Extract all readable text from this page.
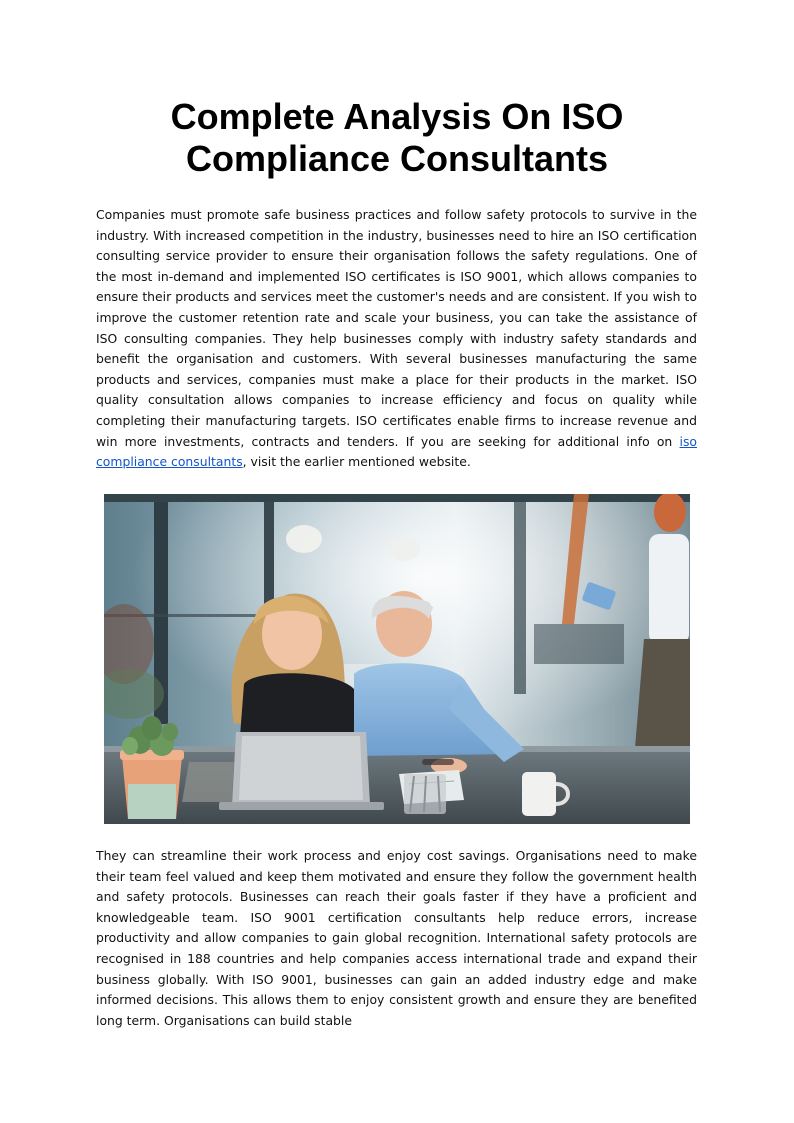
Complete Analysis On ISO Compliance Consultants

Companies must promote safe business practices and follow safety protocols to survive in the industry. With increased competition in the industry, businesses need to hire an ISO certification consulting service provider to ensure their organisation follows the safety regulations. One of the most in-demand and implemented ISO certificates is ISO 9001, which allows companies to ensure their products and services meet the customer's needs and are consistent. If you wish to improve the customer retention rate and scale your business, you can take the assistance of ISO consulting companies. They help businesses comply with industry safety standards and benefit the organisation and customers. With several businesses manufacturing the same products and services, companies must make a place for their products in the market. ISO quality consultation allows companies to increase efficiency and focus on quality while completing their manufacturing targets. ISO certificates enable firms to increase revenue and win more investments, contracts and tenders. If you are seeking for additional info on iso compliance consultants, visit the earlier mentioned website.

They can streamline their work process and enjoy cost savings. Organisations need to make their team feel valued and keep them motivated and ensure they follow the government health and safety protocols. Businesses can reach their goals faster if they have a proficient and knowledgeable team. ISO 9001 certification consultants help reduce errors, increase productivity and allow companies to gain global recognition. International safety protocols are recognised in 188 countries and help companies access international trade and expand their business globally. With ISO 9001, businesses can gain an added industry edge and make informed decisions. This allows them to enjoy consistent growth and ensure they are benefited long term. Organisations can build stable
